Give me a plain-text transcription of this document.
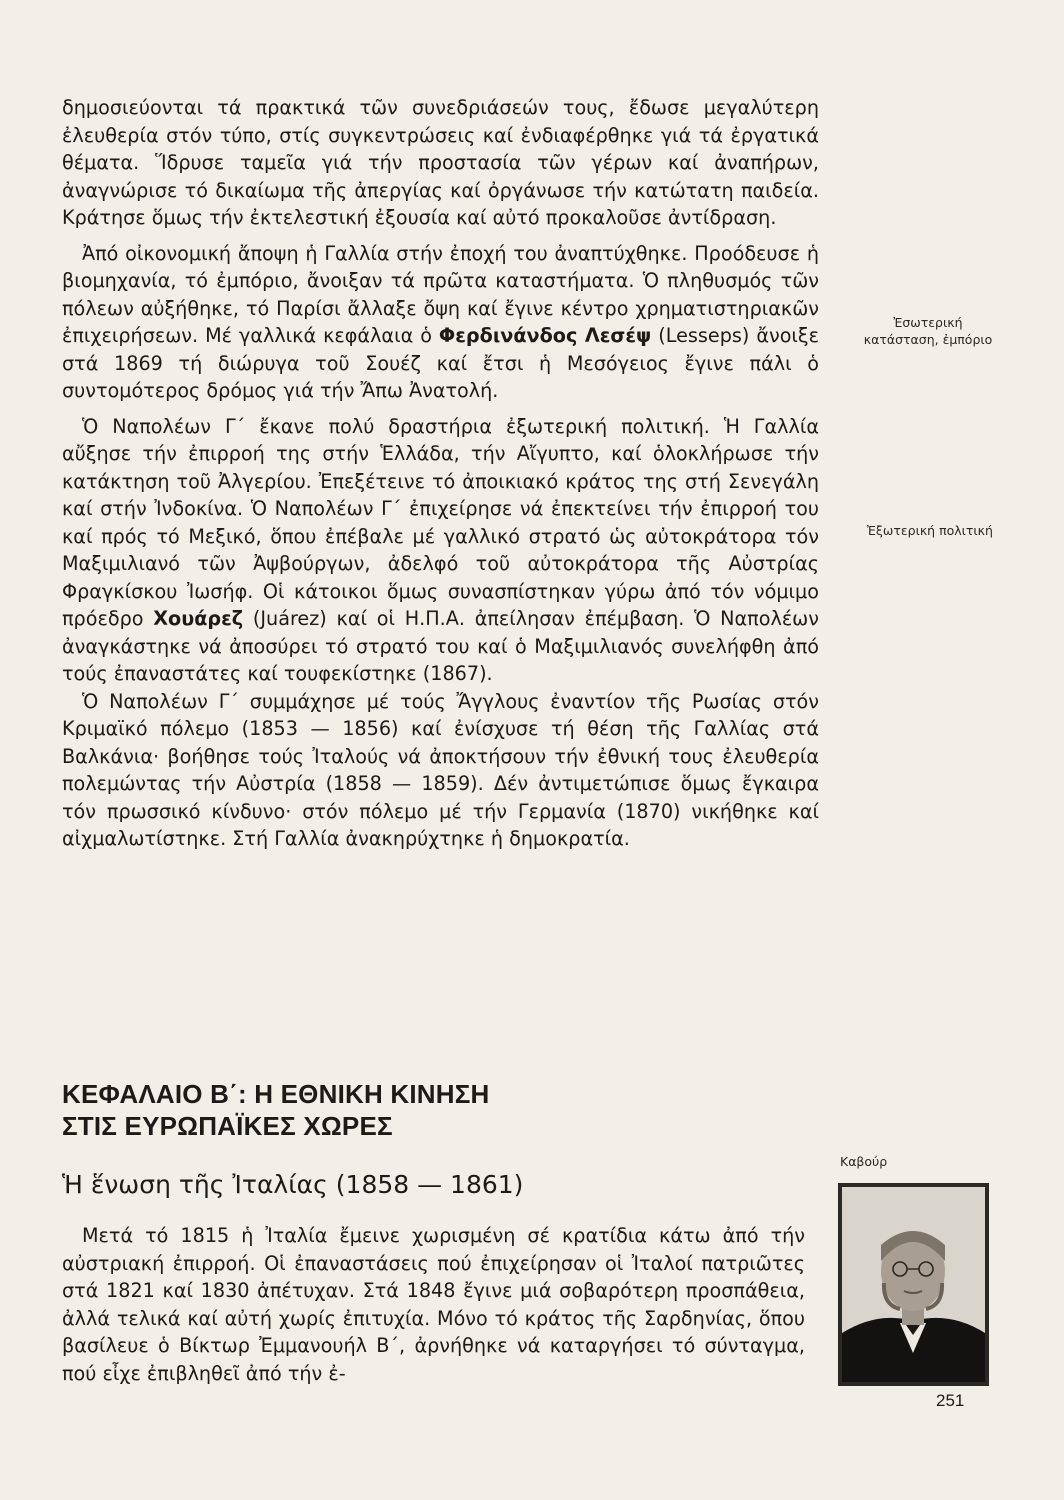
δημοσιεύονται τά πρακτικά τῶν συνεδριάσεών τους, ἔδωσε μεγαλύτερη ἐλευθερία στόν τύπο, στίς συγκεντρώσεις καί ἐνδιαφέρθηκε γιά τά ἐργατικά θέματα. Ἵδρυσε ταμεῖα γιά τήν προστασία τῶν γέρων καί ἀναπήρων, ἀναγνώρισε τό δικαίωμα τῆς ἀπεργίας καί ὀργάνωσε τήν κατώτατη παιδεία. Κράτησε ὅμως τήν ἐκτελεστική ἐξουσία καί αὐτό προκαλοῦσε ἀντίδραση.

Ἀπό οἰκονομική ἄποψη ἡ Γαλλία στήν ἐποχή του ἀναπτύχθηκε. Προόδευσε ἡ βιομηχανία, τό ἐμπόριο, ἄνοιξαν τά πρῶτα καταστήματα. Ὁ πληθυσμός τῶν πόλεων αὐξήθηκε, τό Παρίσι ἄλλαξε ὄψη καί ἔγινε κέντρο χρηματιστηριακῶν ἐπιχειρήσεων. Μέ γαλλικά κεφάλαια ὁ Φερδινάνδος Λεσέψ (Lesseps) ἄνοιξε στά 1869 τή διώρυγα τοῦ Σουέζ καί ἔτσι ἡ Μεσόγειος ἔγινε πάλι ὁ συντομότερος δρόμος γιά τήν Ἄπω Ἀνατολή.

Ὁ Ναπολέων Γ΄ ἔκανε πολύ δραστήρια ἐξωτερική πολιτική. Ἡ Γαλλία αὔξησε τήν ἐπιρροή της στήν Ἑλλάδα, τήν Αἴγυπτο, καί ὁλοκλήρωσε τήν κατάκτηση τοῦ Ἀλγερίου. Ἐπεξέτεινε τό ἀποικιακό κράτος της στή Σενεγάλη καί στήν Ἰνδοκίνα. Ὁ Ναπολέων Γ΄ ἐπιχείρησε νά ἐπεκτείνει τήν ἐπιρροή του καί πρός τό Μεξικό, ὅπου ἐπέβαλε μέ γαλλικό στρατό ὡς αὐτοκράτορα τόν Μαξιμιλιανό τῶν Ἀψβούργων, ἀδελφό τοῦ αὐτοκράτορα τῆς Αὐστρίας Φραγκίσκου Ἰωσήφ. Οἱ κάτοικοι ὅμως συνασπίστηκαν γύρω ἀπό τόν νόμιμο πρόεδρο Χουάρεζ (Juárez) καί οἱ Η.Π.Α. ἀπείλησαν ἐπέμβαση. Ὁ Ναπολέων ἀναγκάστηκε νά ἀποσύρει τό στρατό του καί ὁ Μαξιμιλιανός συνελήφθη ἀπό τούς ἐπαναστάτες καί τουφεκίστηκε (1867).

Ὁ Ναπολέων Γ΄ συμμάχησε μέ τούς Ἄγγλους ἐναντίον τῆς Ρωσίας στόν Κριμαϊκό πόλεμο (1853 — 1856) καί ἐνίσχυσε τή θέση τῆς Γαλλίας στά Βαλκάνια· βοήθησε τούς Ἰταλούς νά ἀποκτήσουν τήν ἐθνική τους ἐλευθερία πολεμώντας τήν Αὐστρία (1858 — 1859). Δέν ἀντιμετώπισε ὅμως ἔγκαιρα τόν πρωσσικό κίνδυνο· στόν πόλεμο μέ τήν Γερμανία (1870) νικήθηκε καί αἰχμαλωτίστηκε. Στή Γαλλία ἀνακηρύχτηκε ἡ δημοκρατία.

ΚΕΦΑΛΑΙΟ Β΄: Η ΕΘΝΙΚΗ ΚΙΝΗΣΗ
ΣΤΙΣ ΕΥΡΩΠΑΪΚΕΣ ΧΩΡΕΣ
Ἡ ἕνωση τῆς Ἰταλίας (1858 — 1861)

Μετά τό 1815 ἡ Ἰταλία ἔμεινε χωρισμένη σέ κρατίδια κάτω ἀπό τήν αὐστριακή ἐπιρροή. Οἱ ἐπαναστάσεις πού ἐπιχείρησαν οἱ Ἰταλοί πατριῶτες στά 1821 καί 1830 ἀπέτυχαν. Στά 1848 ἔγινε μιά σοβαρότερη προσπάθεια, ἀλλά τελικά καί αὐτή χωρίς ἐπιτυχία. Μόνο τό κράτος τῆς Σαρδηνίας, ὅπου βασίλευε ὁ Βίκτωρ Ἐμμανουήλ Β΄, ἀρνήθηκε νά καταργήσει τό σύνταγμα, πού εἶχε ἐπιβληθεῖ ἀπό τήν ἐ-

Ἐσωτερική
κατάσταση, ἐμπόριο
Ἐξωτερική πολιτική
Καβούρ
251
